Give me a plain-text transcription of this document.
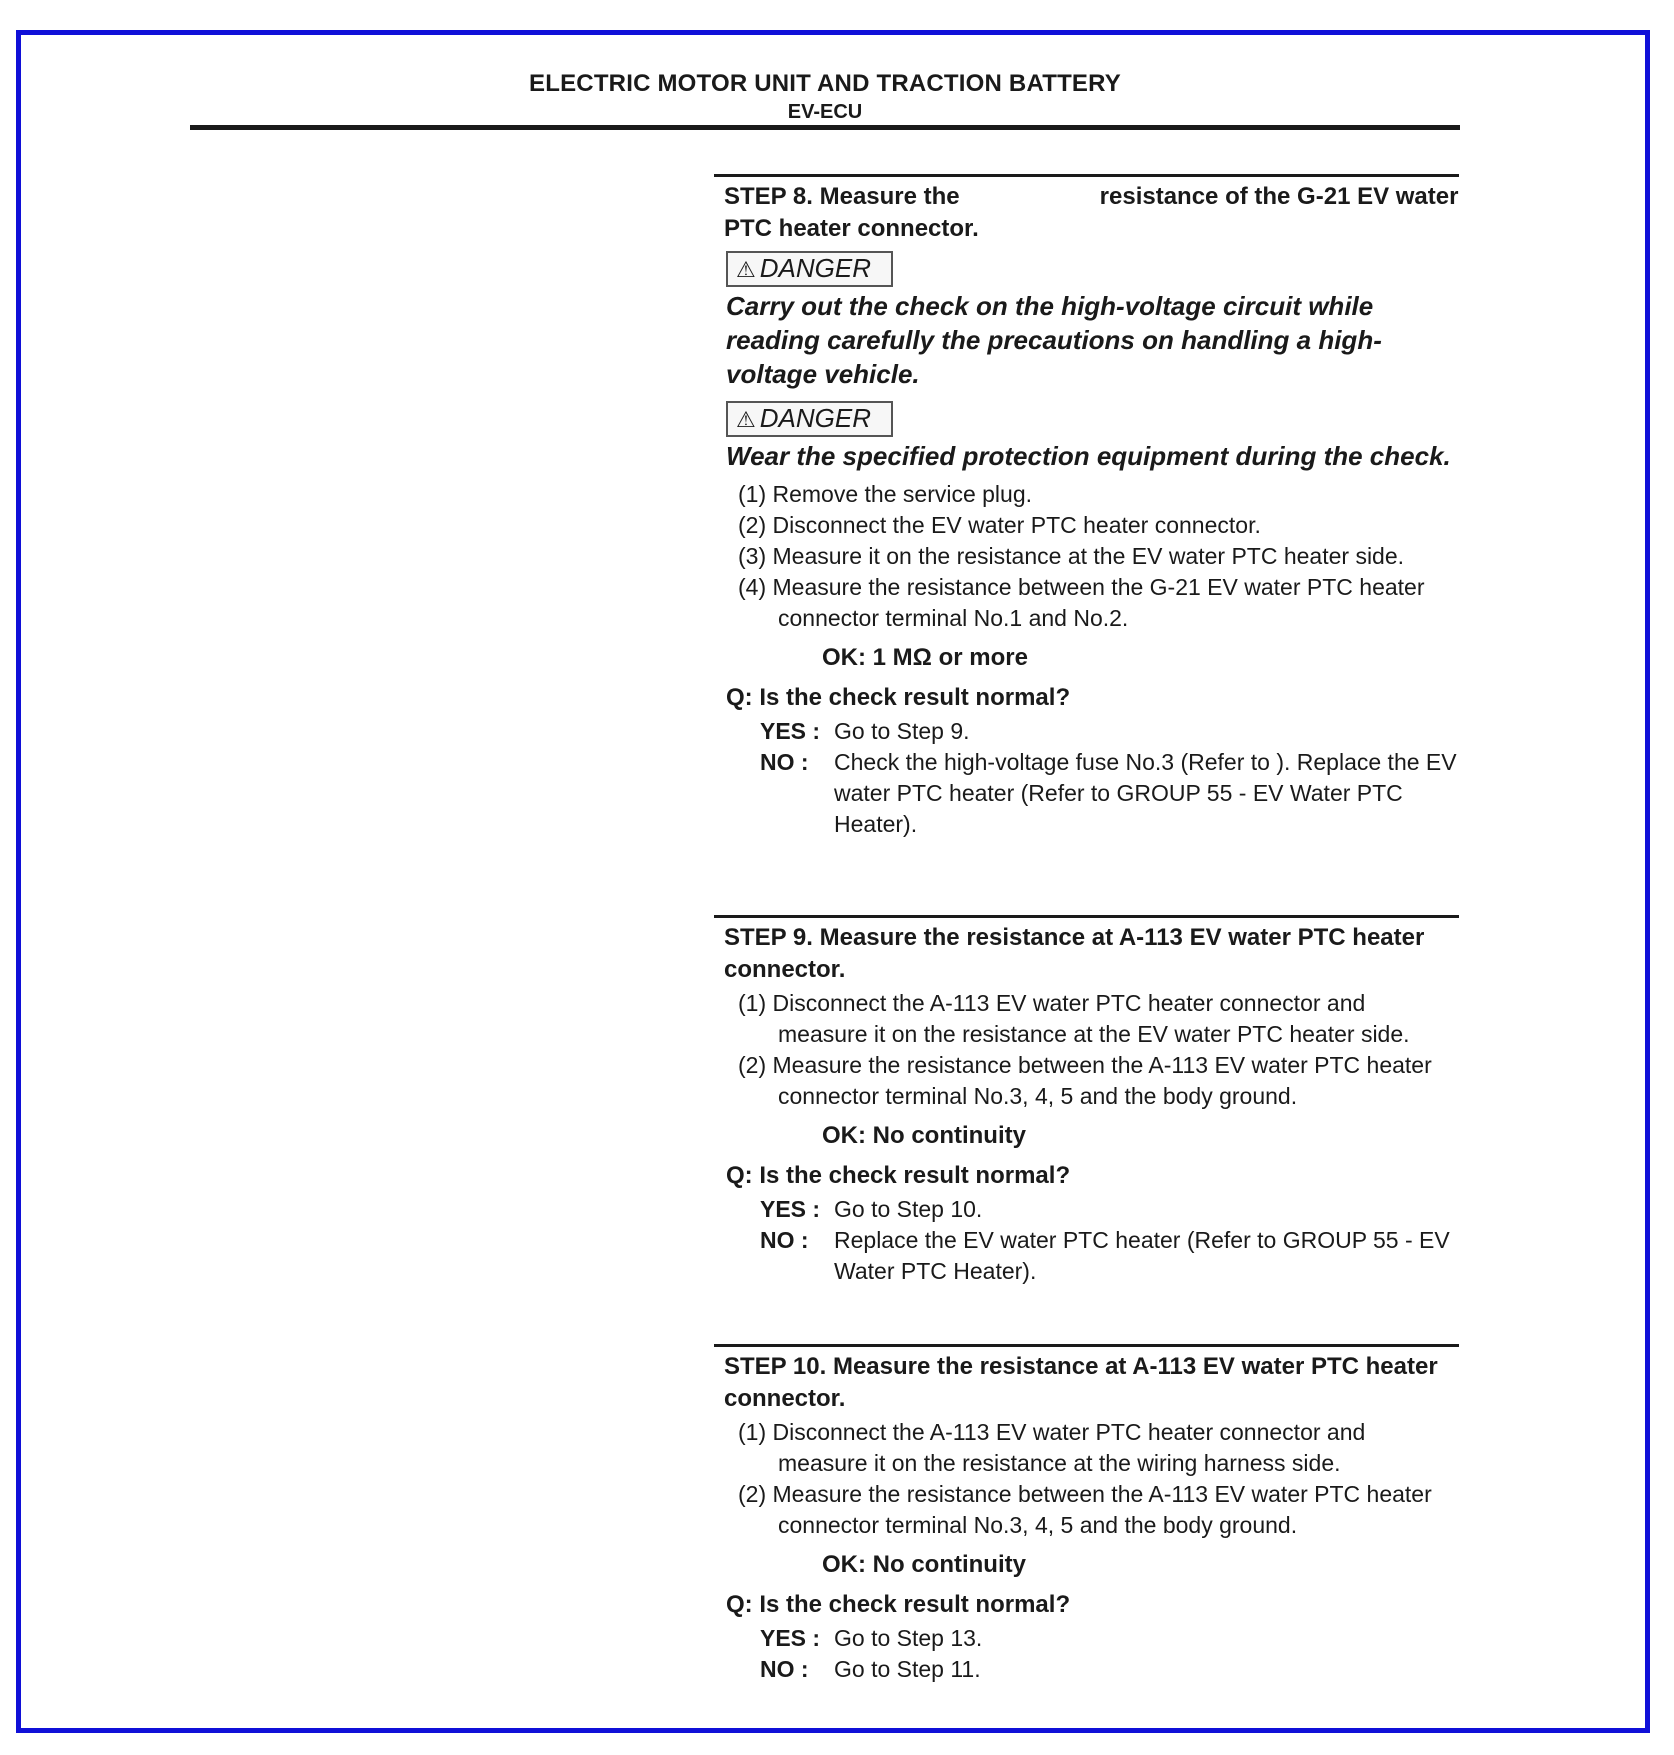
ELECTRIC MOTOR UNIT AND TRACTION BATTERY
EV-ECU
STEP 8. Measure the	resistance of the G-21 EV water PTC heater connector.
⚠ DANGER
Carry out the check on the high-voltage circuit while reading carefully the precautions on handling a high-voltage vehicle.
⚠ DANGER
Wear the specified protection equipment during the check.
(1) Remove the service plug.
(2) Disconnect the EV water PTC heater connector.
(3) Measure it on the resistance at the EV water PTC heater side.
(4) Measure the resistance between the G-21 EV water PTC heater connector terminal No.1 and No.2.
OK: 1 MΩ or more
Q: Is the check result normal?
YES : Go to Step 9.
NO :	Check the high-voltage fuse No.3 (Refer to ). Replace the EV water PTC heater (Refer to GROUP 55 - EV Water PTC Heater).
STEP 9. Measure the resistance at A-113 EV water PTC heater connector.
(1) Disconnect the A-113 EV water PTC heater connector and measure it on the resistance at the EV water PTC heater side.
(2) Measure the resistance between the A-113 EV water PTC heater connector terminal No.3, 4, 5 and the body ground.
OK: No continuity
Q: Is the check result normal?
YES : Go to Step 10.
NO :	Replace the EV water PTC heater (Refer to GROUP 55 - EV Water PTC Heater).
STEP 10. Measure the resistance at A-113 EV water PTC heater connector.
(1) Disconnect the A-113 EV water PTC heater connector and measure it on the resistance at the wiring harness side.
(2) Measure the resistance between the A-113 EV water PTC heater connector terminal No.3, 4, 5 and the body ground.
OK: No continuity
Q: Is the check result normal?
YES : Go to Step 13.
NO :	Go to Step 11.
